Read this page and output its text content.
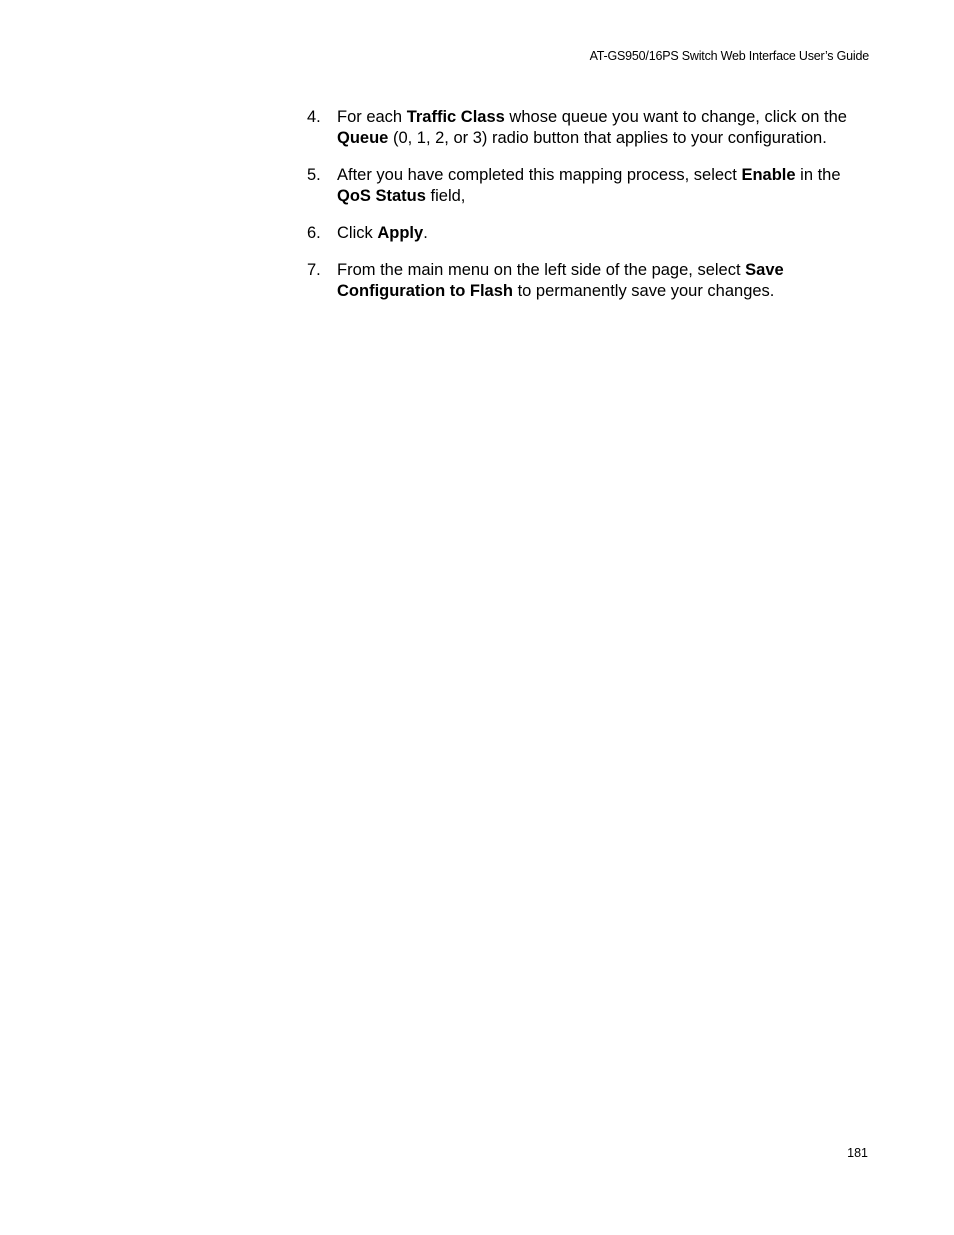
AT-GS950/16PS Switch Web Interface User’s Guide
4. For each Traffic Class whose queue you want to change, click on the Queue (0, 1, 2, or 3) radio button that applies to your configuration.
5. After you have completed this mapping process, select Enable in the QoS Status field,
6. Click Apply.
7. From the main menu on the left side of the page, select Save Configuration to Flash to permanently save your changes.
181
